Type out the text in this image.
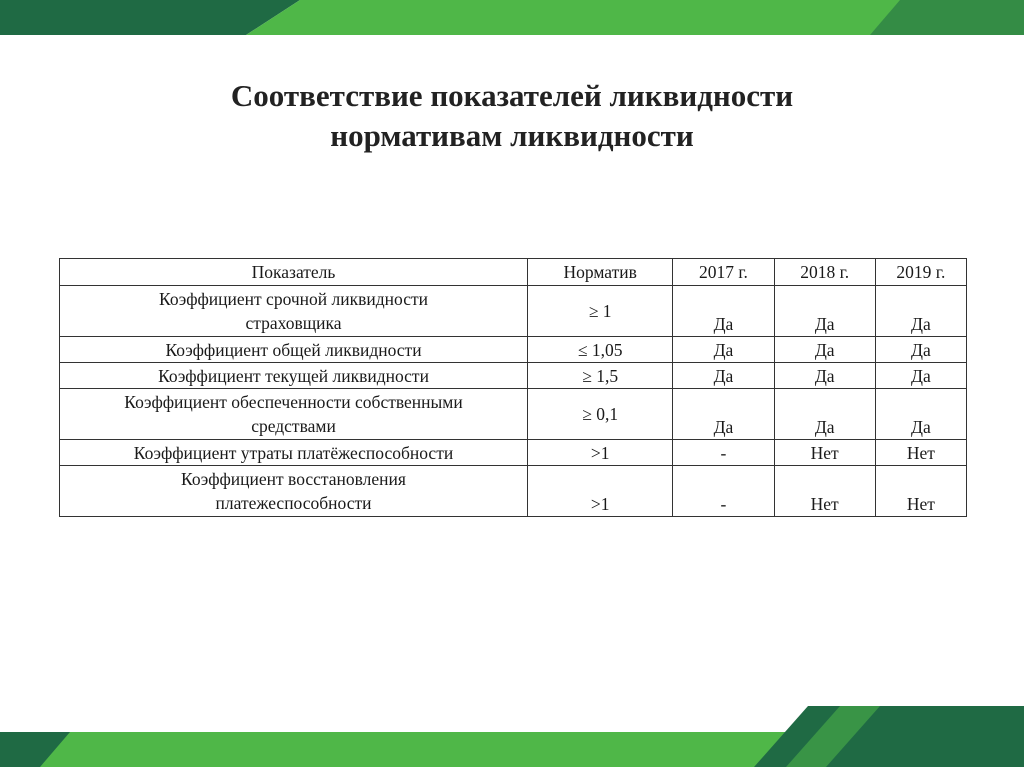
Соответствие показателей ликвидности
нормативам ликвидности
Показатель	Норматив	2017 г.	2018 г.	2019 г.

Коэффициент срочной ликвидности
страховщика	≥ 1	Да	Да	Да
Коэффициент общей ликвидности	≤ 1,05	Да	Да	Да
Коэффициент текущей ликвидности	≥ 1,5	Да	Да	Да

Коэффициент обеспеченности собственными
средствами	≥ 0,1	Да	Да	Да
Коэффициент утраты платёжеспособности	>1	-	Нет	Нет

Коэффициент восстановления
платежеспособности	>1	-	Нет	Нет
